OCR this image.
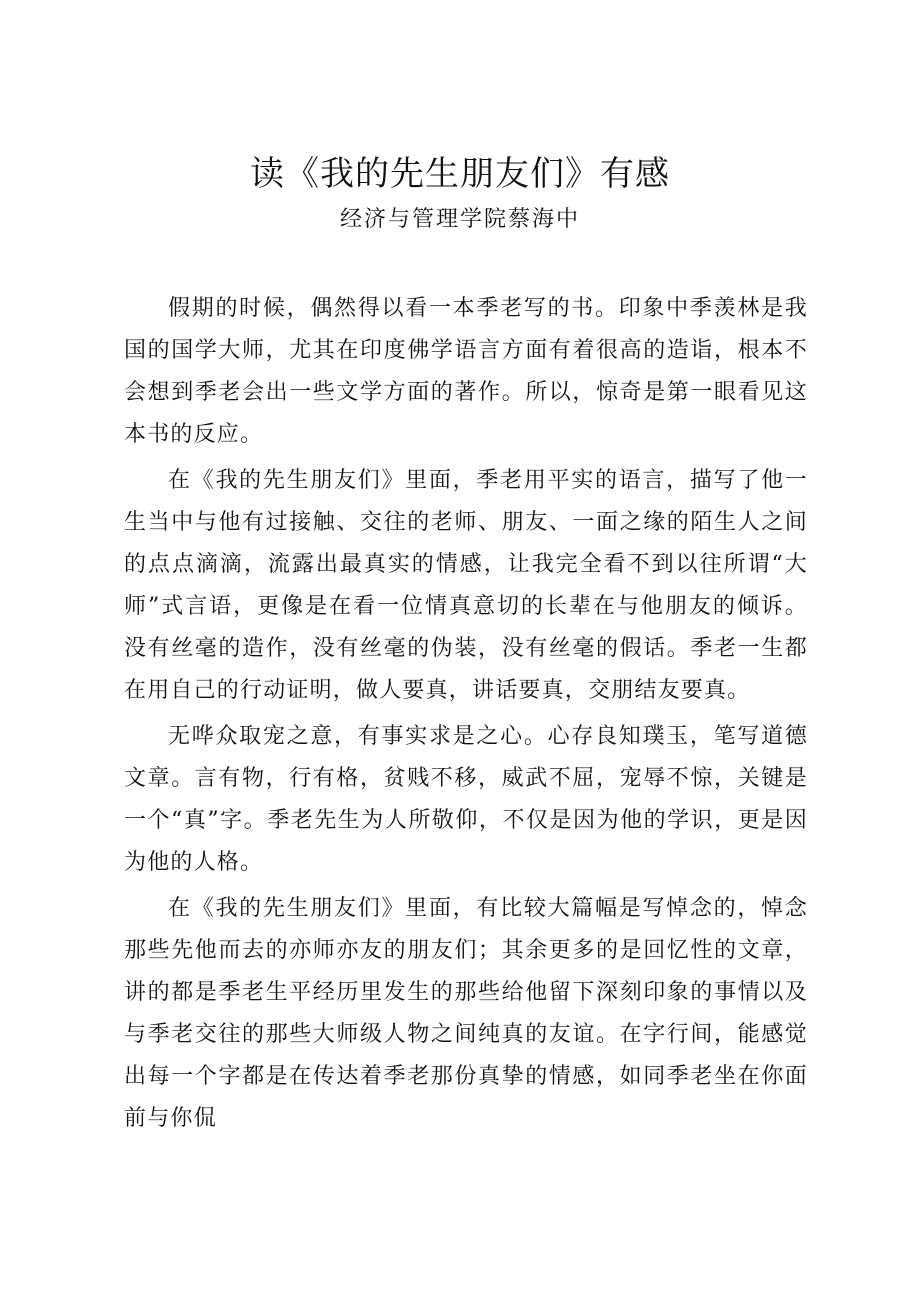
读《我的先生朋友们》有感
经济与管理学院蔡海中

假期的时候，偶然得以看一本季老写的书。印象中季羡林是我国的国学大师，尤其在印度佛学语言方面有着很高的造诣，根本不会想到季老会出一些文学方面的著作。所以，惊奇是第一眼看见这本书的反应。

在《我的先生朋友们》里面，季老用平实的语言，描写了他一生当中与他有过接触、交往的老师、朋友、一面之缘的陌生人之间的点点滴滴，流露出最真实的情感，让我完全看不到以往所谓“大师”式言语，更像是在看一位情真意切的长辈在与他朋友的倾诉。没有丝毫的造作，没有丝毫的伪装，没有丝毫的假话。季老一生都在用自己的行动证明，做人要真，讲话要真，交朋结友要真。

无哗众取宠之意，有事实求是之心。心存良知璞玉，笔写道德文章。言有物，行有格，贫贱不移，威武不屈，宠辱不惊，关键是一个“真”字。季老先生为人所敬仰，不仅是因为他的学识，更是因为他的人格。

在《我的先生朋友们》里面，有比较大篇幅是写悼念的，悼念那些先他而去的亦师亦友的朋友们；其余更多的是回忆性的文章，讲的都是季老生平经历里发生的那些给他留下深刻印象的事情以及与季老交往的那些大师级人物之间纯真的友谊。在字行间，能感觉出每一个字都是在传达着季老那份真挚的情感，如同季老坐在你面前与你侃
